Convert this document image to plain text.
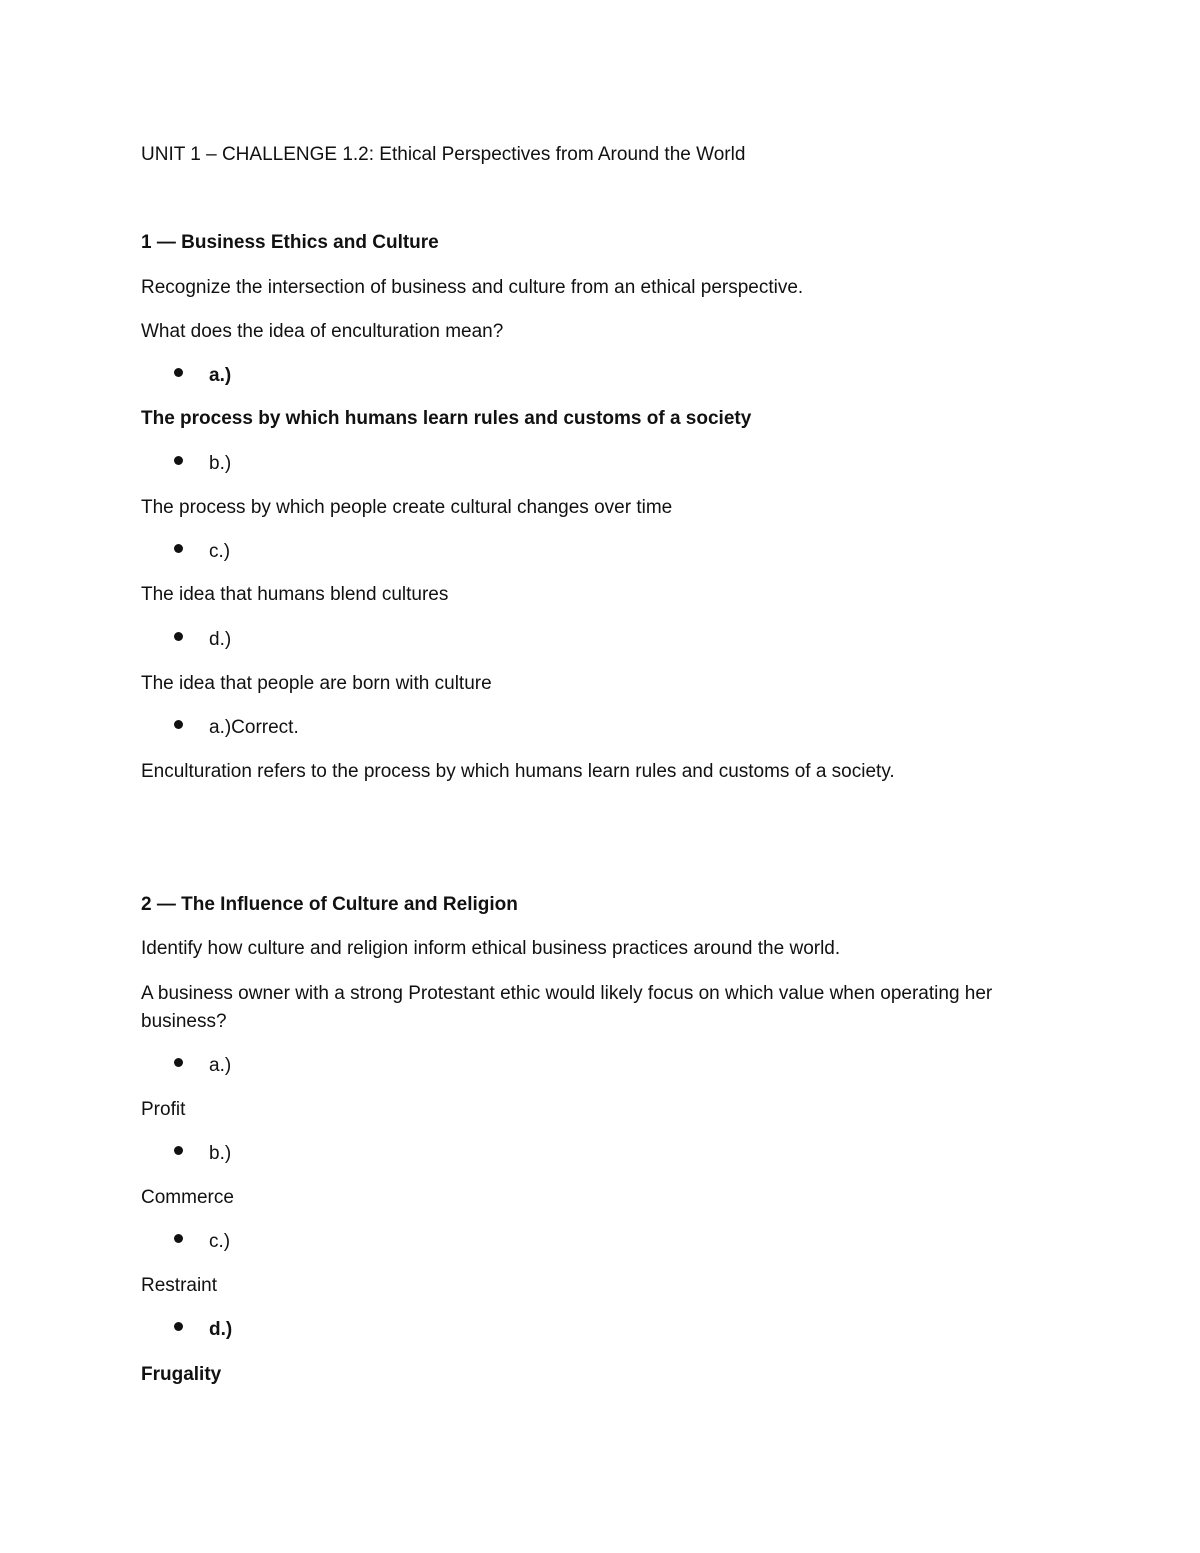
UNIT 1 – CHALLENGE 1.2: Ethical Perspectives from Around the World
1 — Business Ethics and Culture
Recognize the intersection of business and culture from an ethical perspective.
What does the idea of enculturation mean?
a.)
The process by which humans learn rules and customs of a society
b.)
The process by which people create cultural changes over time
c.)
The idea that humans blend cultures
d.)
The idea that people are born with culture
a.)Correct.
Enculturation refers to the process by which humans learn rules and customs of a society.
2 — The Influence of Culture and Religion
Identify how culture and religion inform ethical business practices around the world.
A business owner with a strong Protestant ethic would likely focus on which value when operating her business?
a.)
Profit
b.)
Commerce
c.)
Restraint
d.)
Frugality
